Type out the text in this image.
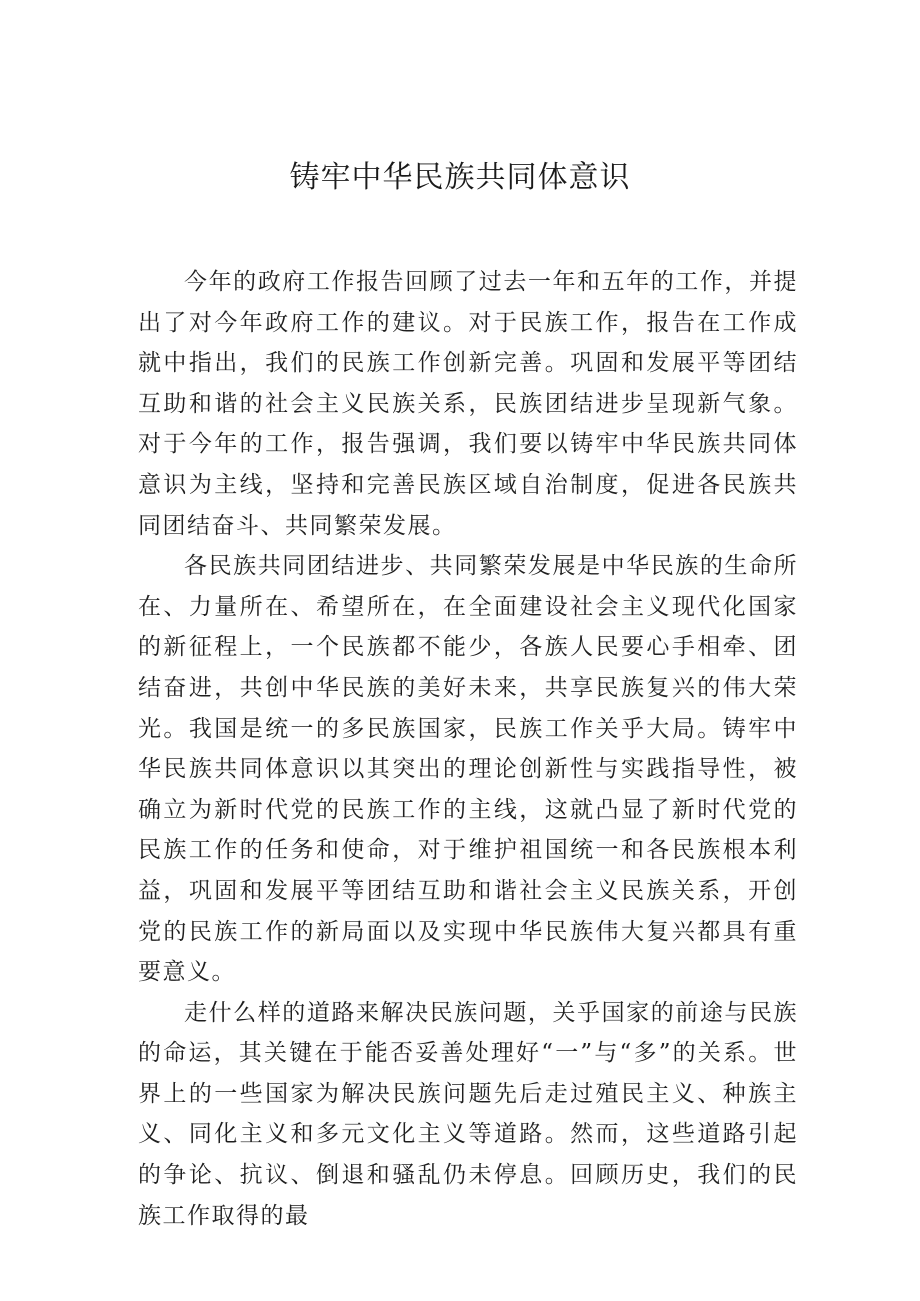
铸牢中华民族共同体意识

今年的政府工作报告回顾了过去一年和五年的工作，并提出了对今年政府工作的建议。对于民族工作，报告在工作成就中指出，我们的民族工作创新完善。巩固和发展平等团结互助和谐的社会主义民族关系，民族团结进步呈现新气象。对于今年的工作，报告强调，我们要以铸牢中华民族共同体意识为主线，坚持和完善民族区域自治制度，促进各民族共同团结奋斗、共同繁荣发展。

各民族共同团结进步、共同繁荣发展是中华民族的生命所在、力量所在、希望所在，在全面建设社会主义现代化国家的新征程上，一个民族都不能少，各族人民要心手相牵、团结奋进，共创中华民族的美好未来，共享民族复兴的伟大荣光。我国是统一的多民族国家，民族工作关乎大局。铸牢中华民族共同体意识以其突出的理论创新性与实践指导性，被确立为新时代党的民族工作的主线，这就凸显了新时代党的民族工作的任务和使命，对于维护祖国统一和各民族根本利益，巩固和发展平等团结互助和谐社会主义民族关系，开创党的民族工作的新局面以及实现中华民族伟大复兴都具有重要意义。

走什么样的道路来解决民族问题，关乎国家的前途与民族的命运，其关键在于能否妥善处理好“一”与“多”的关系。世界上的一些国家为解决民族问题先后走过殖民主义、种族主义、同化主义和多元文化主义等道路。然而，这些道路引起的争论、抗议、倒退和骚乱仍未停息。回顾历史，我们的民族工作取得的最
